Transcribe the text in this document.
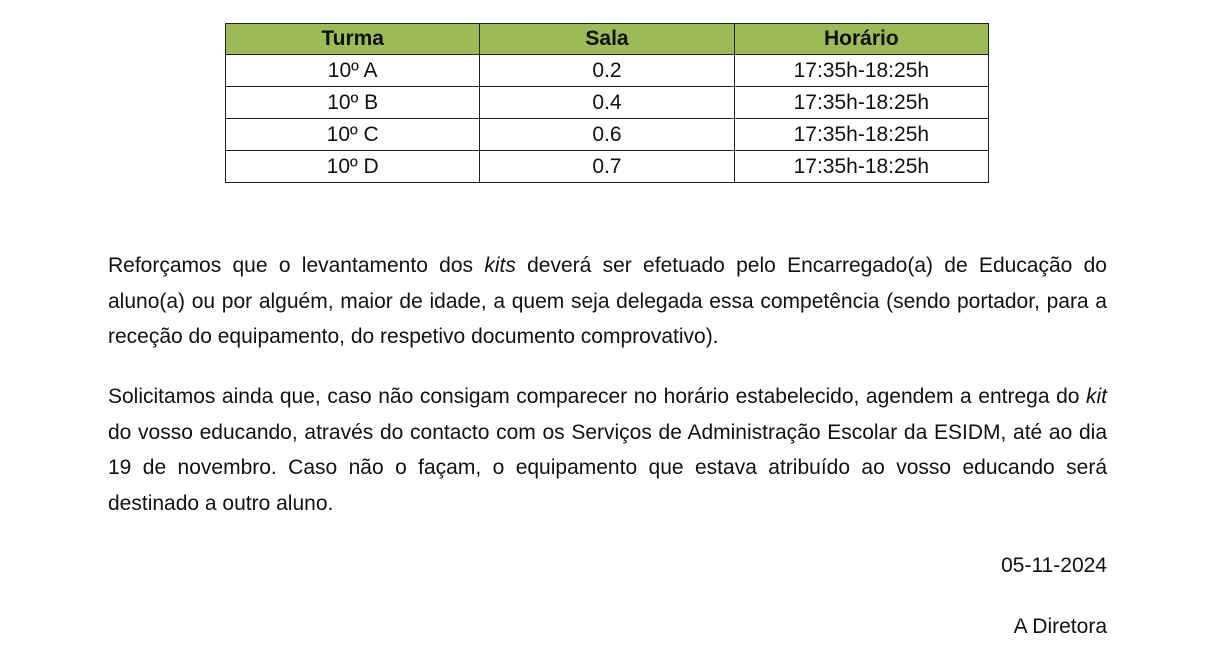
Turma	Sala	Horário
10º A	0.2	17:35h-18:25h
10º B	0.4	17:35h-18:25h
10º C	0.6	17:35h-18:25h
10º D	0.7	17:35h-18:25h

Reforçamos que o levantamento dos kits deverá ser efetuado pelo Encarregado(a) de Educação do aluno(a) ou por alguém, maior de idade, a quem seja delegada essa competência (sendo portador, para a receção do equipamento, do respetivo documento comprovativo).

Solicitamos ainda que, caso não consigam comparecer no horário estabelecido, agendem a entrega do kit do vosso educando, através do contacto com os Serviços de Administração Escolar da ESIDM, até ao dia 19 de novembro. Caso não o façam, o equipamento que estava atribuído ao vosso educando será destinado a outro aluno.

05-11-2024

A Diretora
